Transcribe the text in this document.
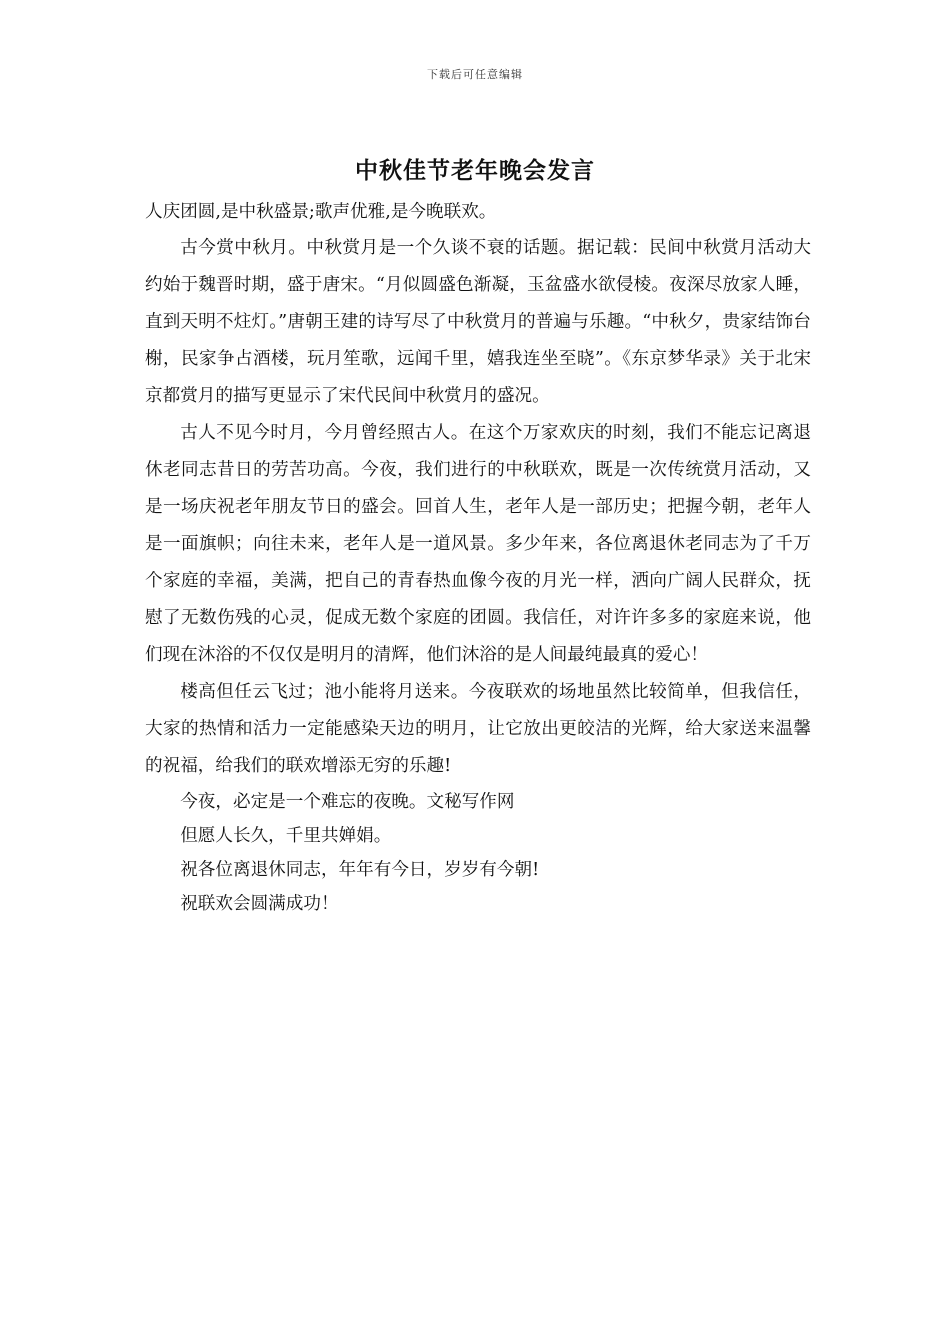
下载后可任意编辑
中秋佳节老年晚会发言

人庆团圆,是中秋盛景;歌声优雅,是今晚联欢。

古今赏中秋月。中秋赏月是一个久谈不衰的话题。据记载：民间中秋赏月活动大约始于魏晋时期，盛于唐宋。“月似圆盛色渐凝，玉盆盛水欲侵棱。夜深尽放家人睡，直到天明不炷灯。”唐朝王建的诗写尽了中秋赏月的普遍与乐趣。“中秋夕，贵家结饰台榭，民家争占酒楼，玩月笙歌，远闻千里，嬉我连坐至晓”。《东京梦华录》关于北宋京都赏月的描写更显示了宋代民间中秋赏月的盛况。

古人不见今时月，今月曾经照古人。在这个万家欢庆的时刻，我们不能忘记离退休老同志昔日的劳苦功高。今夜，我们进行的中秋联欢，既是一次传统赏月活动，又是一场庆祝老年朋友节日的盛会。回首人生，老年人是一部历史；把握今朝，老年人是一面旗帜；向往未来，老年人是一道风景。多少年来，各位离退休老同志为了千万个家庭的幸福，美满，把自己的青春热血像今夜的月光一样，洒向广阔人民群众，抚慰了无数伤残的心灵，促成无数个家庭的团圆。我信任，对许许多多的家庭来说，他们现在沐浴的不仅仅是明月的清辉，他们沐浴的是人间最纯最真的爱心！

楼高但任云飞过；池小能将月送来。今夜联欢的场地虽然比较简单，但我信任，大家的热情和活力一定能感染天边的明月，让它放出更皎洁的光辉，给大家送来温馨的祝福，给我们的联欢增添无穷的乐趣!

今夜，必定是一个难忘的夜晚。文秘写作网

但愿人长久，千里共婵娟。

祝各位离退休同志，年年有今日，岁岁有今朝!

祝联欢会圆满成功！
